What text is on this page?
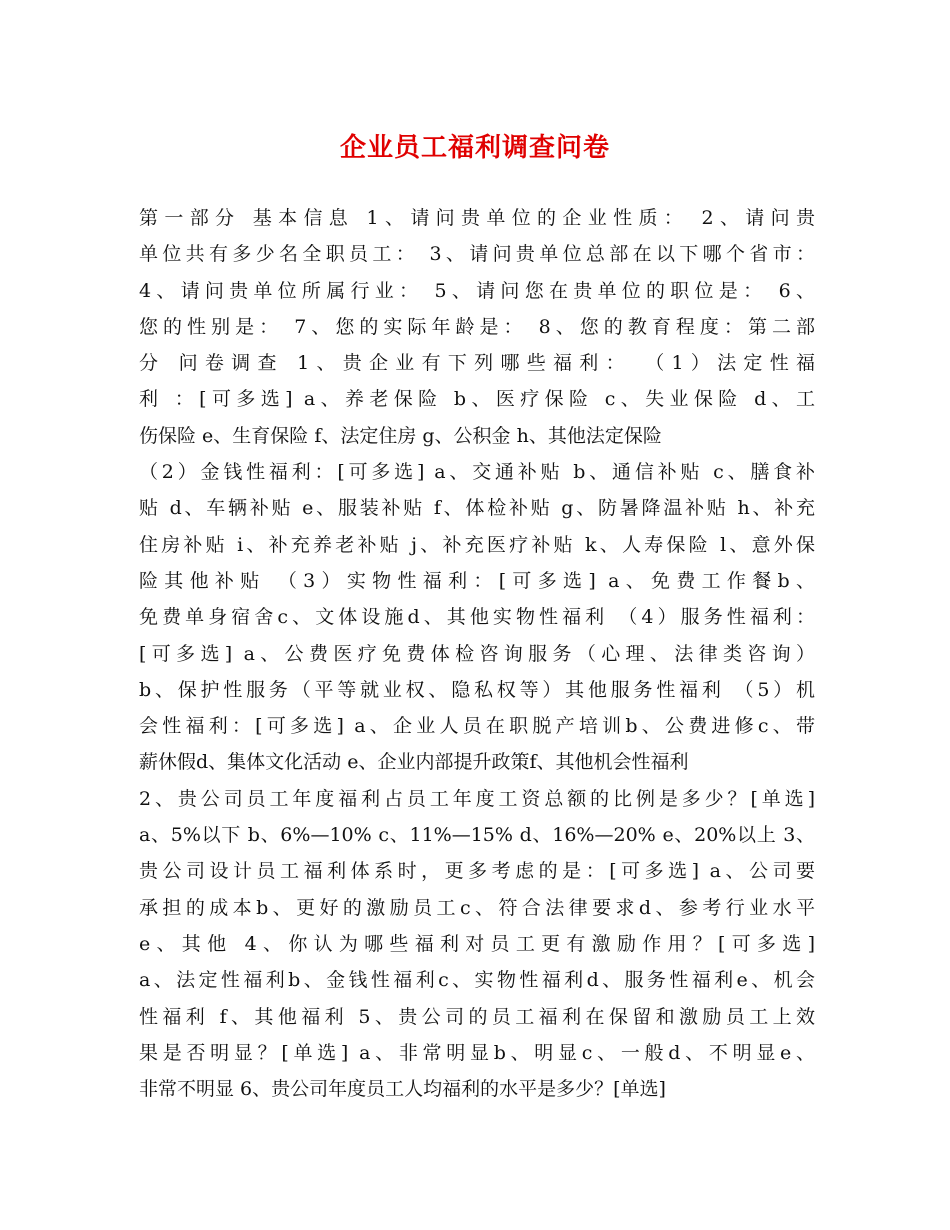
企业员工福利调查问卷
第一部分 基本信息 1、请问贵单位的企业性质： 2、请问贵
单位共有多少名全职员工： 3、请问贵单位总部在以下哪个省市：
4、请问贵单位所属行业： 5、请问您在贵单位的职位是： 6、
您的性别是： 7、您的实际年龄是： 8、您的教育程度：第二部
分 问卷调查 1、贵企业有下列哪些福利： （1）法定性福
利 ：[可多选] a、养老保险 b、医疗保险 c、失业保险 d、工
伤保险 e、生育保险 f、法定住房 g、公积金 h、其他法定保险
（2）金钱性福利：[可多选] a、交通补贴 b、通信补贴 c、膳食补
贴 d、车辆补贴 e、服装补贴 f、体检补贴 g、防暑降温补贴 h、补充
住房补贴 i、补充养老补贴 j、补充医疗补贴 k、人寿保险 l、意外保
险其他补贴 （3）实物性福利：[可多选] a、免费工作餐b、
免费单身宿舍c、文体设施d、其他实物性福利 （4）服务性福利：
[可多选] a、公费医疗免费体检咨询服务（心理、法律类咨询）
b、保护性服务（平等就业权、隐私权等）其他服务性福利 （5）机
会性福利：[可多选] a、企业人员在职脱产培训b、公费进修c、带
薪休假d、集体文化活动 e、企业内部提升政策f、其他机会性福利
2、贵公司员工年度福利占员工年度工资总额的比例是多少？[单选]
a、5%以下 b、6%—10% c、11%—15% d、16%—20% e、20%以上 3、
贵公司设计员工福利体系时，更多考虑的是：[可多选] a、公司要
承担的成本b、更好的激励员工c、符合法律要求d、参考行业水平
e、其他 4、你认为哪些福利对员工更有激励作用？[可多选]
a、法定性福利b、金钱性福利c、实物性福利d、服务性福利e、机会
性福利 f、其他福利 5、贵公司的员工福利在保留和激励员工上效
果是否明显？[单选] a、非常明显b、明显c、一般d、不明显e、
非常不明显 6、贵公司年度员工人均福利的水平是多少？[单选]
